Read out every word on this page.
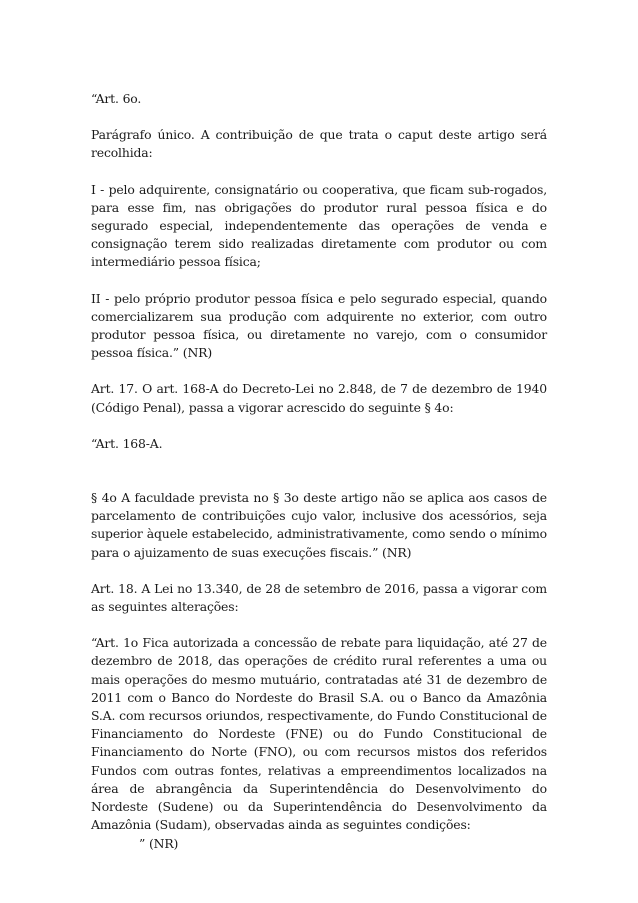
“Art. 6o.

Parágrafo único. A contribuição de que trata o caput deste artigo será recolhida:

I - pelo adquirente, consignatário ou cooperativa, que ficam sub-rogados, para esse fim, nas obrigações do produtor rural pessoa física e do segurado especial, independentemente das operações de venda e consignação terem sido realizadas diretamente com produtor ou com intermediário pessoa física;

II - pelo próprio produtor pessoa física e pelo segurado especial, quando comercializarem sua produção com adquirente no exterior, com outro produtor pessoa física, ou diretamente no varejo, com o consumidor pessoa física.” (NR)

Art. 17. O art. 168-A do Decreto-Lei no 2.848, de 7 de dezembro de 1940 (Código Penal), passa a vigorar acrescido do seguinte § 4o:

“Art. 168-A.

§ 4o A faculdade prevista no § 3o deste artigo não se aplica aos casos de parcelamento de contribuições cujo valor, inclusive dos acessórios, seja superior àquele estabelecido, administrativamente, como sendo o mínimo para o ajuizamento de suas execuções fiscais.” (NR)

Art. 18. A Lei no 13.340, de 28 de setembro de 2016, passa a vigorar com as seguintes alterações:

“Art. 1o Fica autorizada a concessão de rebate para liquidação, até 27 de dezembro de 2018, das operações de crédito rural referentes a uma ou mais operações do mesmo mutuário, contratadas até 31 de dezembro de 2011 com o Banco do Nordeste do Brasil S.A. ou o Banco da Amazônia S.A. com recursos oriundos, respectivamente, do Fundo Constitucional de Financiamento do Nordeste (FNE) ou do Fundo Constitucional de Financiamento do Norte (FNO), ou com recursos mistos dos referidos Fundos com outras fontes, relativas a empreendimentos localizados na área de abrangência da Superintendência do Desenvolvimento do Nordeste (Sudene) ou da Superintendência do Desenvolvimento da Amazônia (Sudam), observadas ainda as seguintes condições:

” (NR)
